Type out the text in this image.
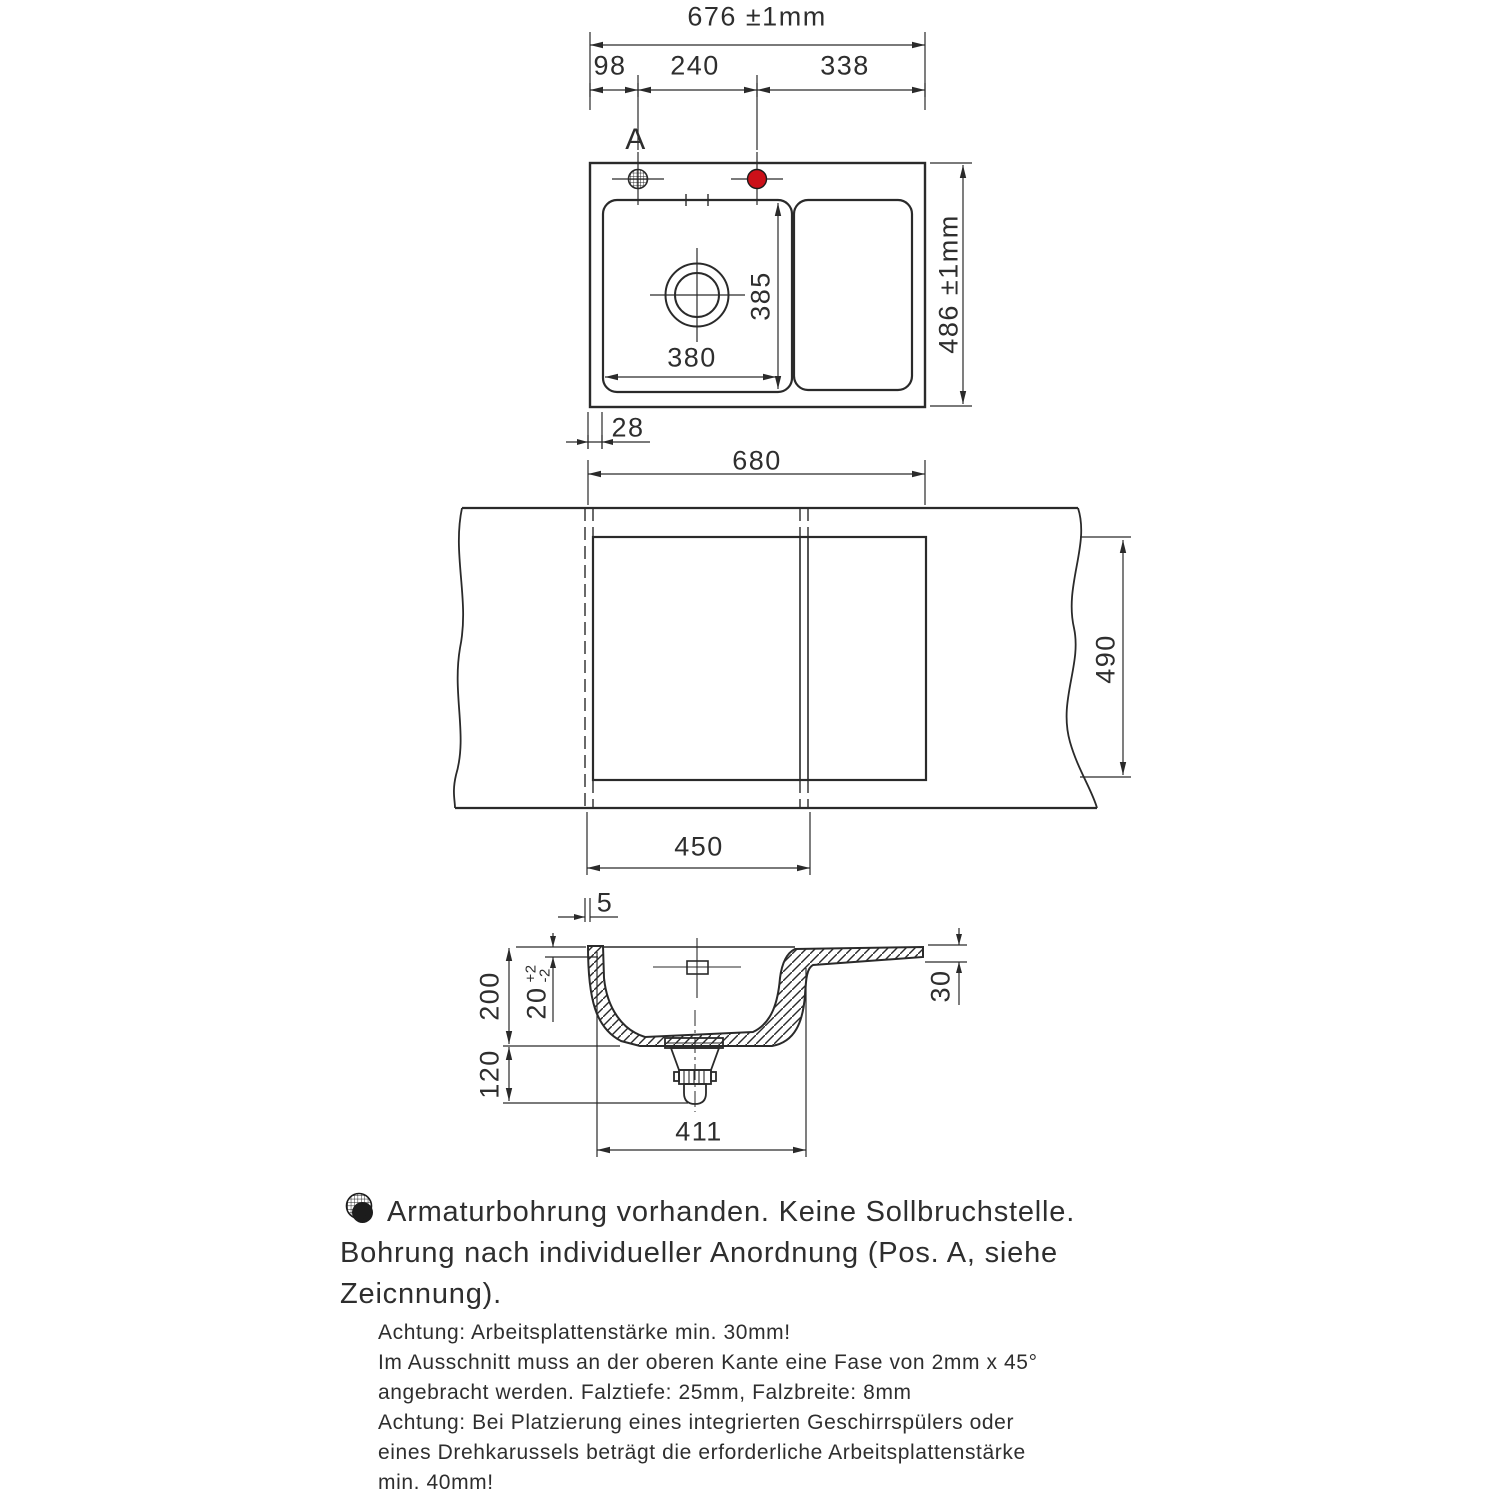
676 ±1mm
98 240	338
A
385
380
486 ±1mm
28
680
490
450
5
200 20
+2
-2
120
30
411
Armaturbohrung vorhanden. Keine Sollbruchstelle.
Bohrung nach individueller Anordnung (
Pos. A, siehe
Zeicnnung).
Achtung: Arbeitsplattenstärke min. 30mm!
Im Ausschnitt muss an der oberen Kante eine Fase von 2mm x 45°
angebracht werden. Falztiefe: 25mm, Falzbreite: 8mm
Achtung: Bei Platzierung eines integrierten Geschirrspülers oder
eines Drehkarussels beträgt die erforderliche Arbeitsplattenstärke
min. 40mm!
